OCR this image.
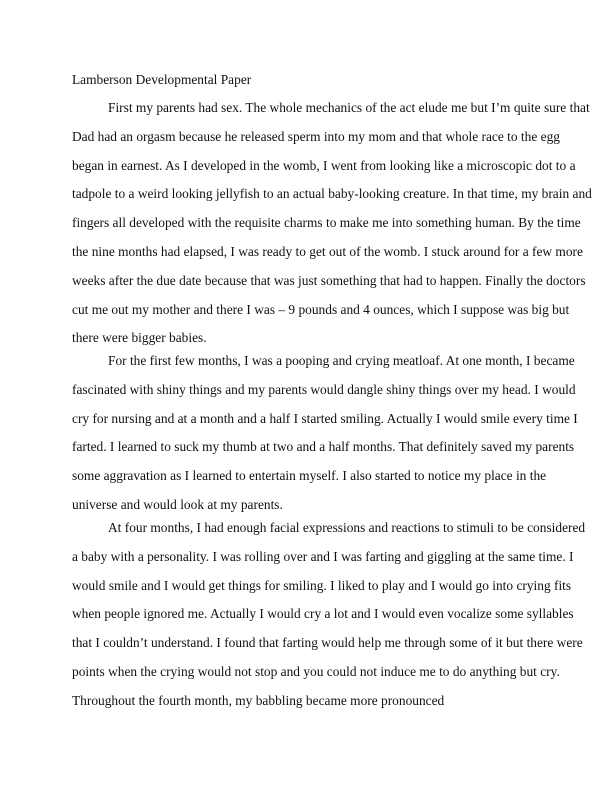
Lamberson Developmental Paper
First my parents had sex. The whole mechanics of the act elude me but I’m quite sure that
Dad had an orgasm because he released sperm into my mom and that whole race to the egg
began in earnest. As I developed in the womb, I went from looking like a microscopic dot to a
tadpole to a weird looking jellyfish to an actual baby-looking creature. In that time, my brain and
fingers all developed with the requisite charms to make me into something human. By the time
the nine months had elapsed, I was ready to get out of the womb. I stuck around for a few more
weeks after the due date because that was just something that had to happen. Finally the doctors
cut me out my mother and there I was – 9 pounds and 4 ounces, which I suppose was big but
there were bigger babies.
For the first few months, I was a pooping and crying meatloaf. At one month, I became
fascinated with shiny things and my parents would dangle shiny things over my head. I would
cry for nursing and at a month and a half I started smiling. Actually I would smile every time I
farted. I learned to suck my thumb at two and a half months. That definitely saved my parents
some aggravation as I learned to entertain myself. I also started to notice my place in the
universe and would look at my parents.
At four months, I had enough facial expressions and reactions to stimuli to be considered
a baby with a personality. I was rolling over and I was farting and giggling at the same time. I
would smile and I would get things for smiling. I liked to play and I would go into crying fits
when people ignored me. Actually I would cry a lot and I would even vocalize some syllables
that I couldn’t understand. I found that farting would help me through some of it but there were
points when the crying would not stop and you could not induce me to do anything but cry.
Throughout the fourth month, my babbling became more pronounced
